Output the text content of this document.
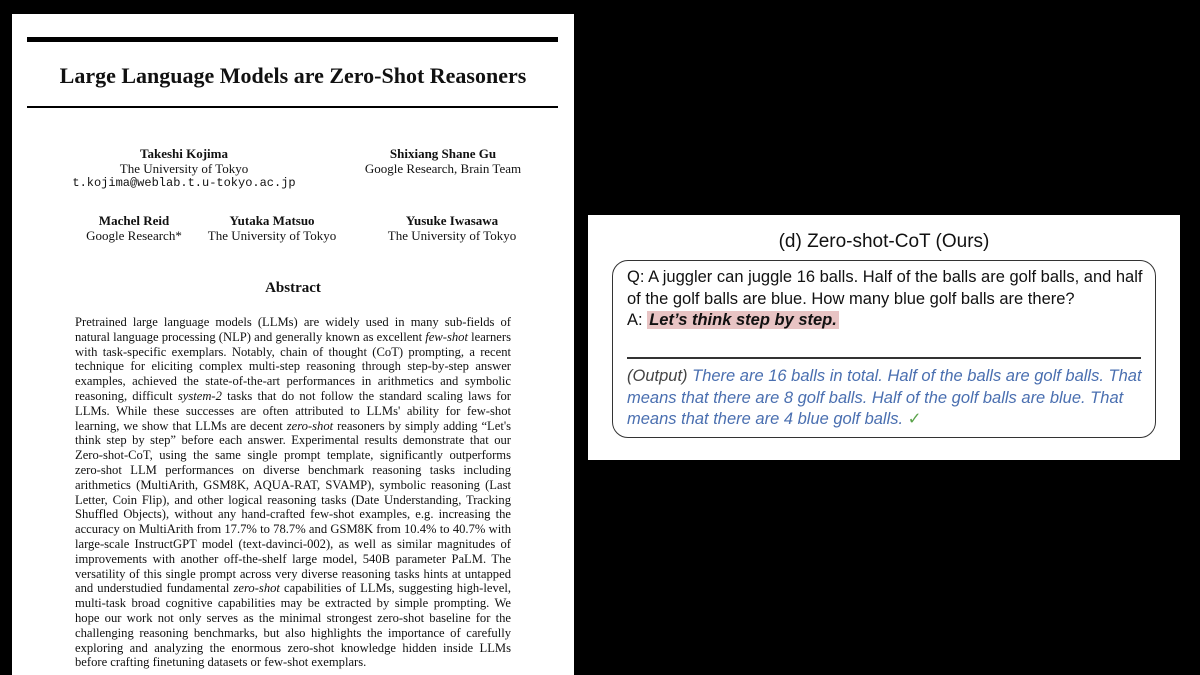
Large Language Models are Zero-Shot Reasoners
Takeshi Kojima
The University of Tokyo
t.kojima@weblab.t.u-tokyo.ac.jp
Shixiang Shane Gu
Google Research, Brain Team
Machel Reid
Google Research*
Yutaka Matsuo
The University of Tokyo
Yusuke Iwasawa
The University of Tokyo
Abstract
Pretrained large language models (LLMs) are widely used in many sub-fields of natural language processing (NLP) and generally known as excellent few-shot learners with task-specific exemplars. Notably, chain of thought (CoT) prompting, a recent technique for eliciting complex multi-step reasoning through step-by-step answer examples, achieved the state-of-the-art performances in arithmetics and symbolic reasoning, difficult system-2 tasks that do not follow the standard scaling laws for LLMs. While these successes are often attributed to LLMs' ability for few-shot learning, we show that LLMs are decent zero-shot reasoners by simply adding “Let's think step by step” before each answer. Experimental results demonstrate that our Zero-shot-CoT, using the same single prompt template, significantly outperforms zero-shot LLM performances on diverse benchmark reasoning tasks including arithmetics (MultiArith, GSM8K, AQUA-RAT, SVAMP), symbolic reasoning (Last Letter, Coin Flip), and other logical reasoning tasks (Date Understanding, Tracking Shuffled Objects), without any hand-crafted few-shot examples, e.g. increasing the accuracy on MultiArith from 17.7% to 78.7% and GSM8K from 10.4% to 40.7% with large-scale InstructGPT model (text-davinci-002), as well as similar magnitudes of improvements with another off-the-shelf large model, 540B parameter PaLM. The versatility of this single prompt across very diverse reasoning tasks hints at untapped and understudied fundamental zero-shot capabilities of LLMs, suggesting high-level, multi-task broad cognitive capabilities may be extracted by simple prompting. We hope our work not only serves as the minimal strongest zero-shot baseline for the challenging reasoning benchmarks, but also highlights the importance of carefully exploring and analyzing the enormous zero-shot knowledge hidden inside LLMs before crafting finetuning datasets or few-shot exemplars.
(d) Zero-shot-CoT (Ours)
Q: A juggler can juggle 16 balls. Half of the balls are golf balls, and half of the golf balls are blue. How many blue golf balls are there?
A: Let’s think step by step.
(Output) There are 16 balls in total. Half of the balls are golf balls. That means that there are 8 golf balls. Half of the golf balls are blue. That means that there are 4 blue golf balls. ✓
